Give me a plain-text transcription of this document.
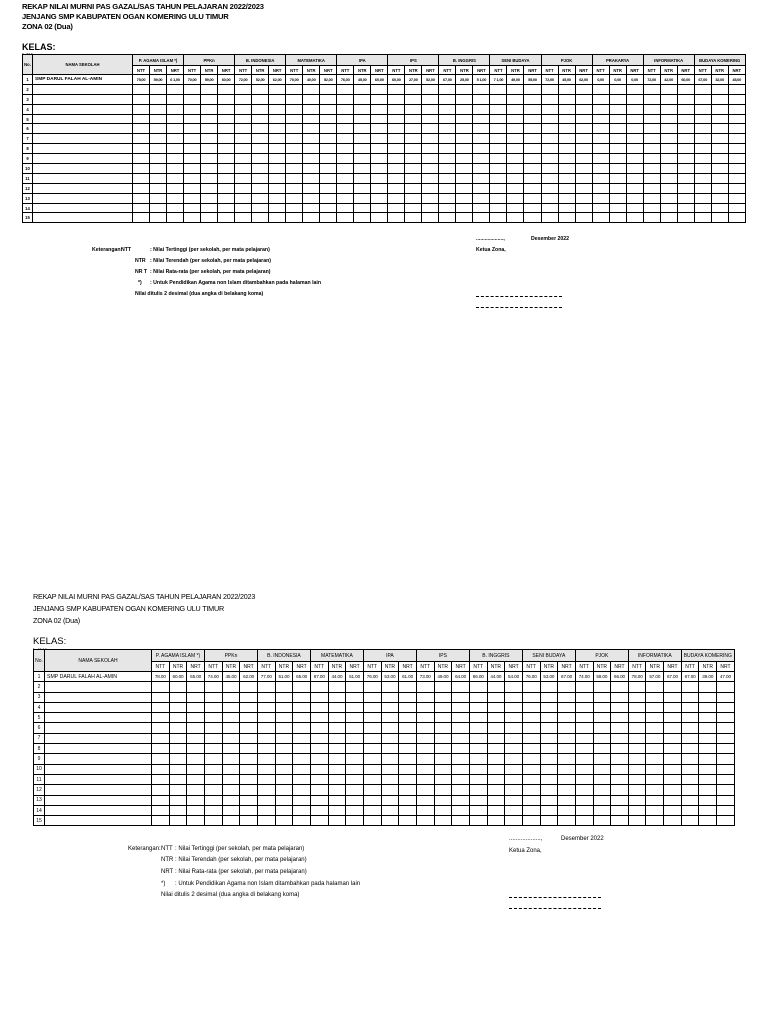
REKAP NILAI MURNI PAS GAZAL/SAS TAHUN PELAJARAN 2022/2023
JENJANG SMP KABUPATEN OGAN KOMERING ULU TIMUR
ZONA 02 (Dua)
KELAS:
No.	NAMA SEKOLAH	P. AGAMA ISLAM *)			PPKn			B. INDONESIA			MATEMATIKA			IPA			IPS			B. INGGRIS			SENI BUDAYA			PJOK			PRAKARYA			INFORMATIKA			BUDAYA KOMERING		
		NTT	NTR	NRT	NTT	NTR	NRT	NTT	NTR	NRT	NTT	NTR	NRT	NTT	NTR	NRT	NTT	NTR	NRT	NTT	NTR	NRT	NTT	NTR	NRT	NTT	NTR	NRT	NTT	NTR	NRT	NTT	NTR	NRT	NTT	NTR	NRT
1	SMP DARUL FALAH AL-AMIN	75,00	59,00	6 1,00	70,00	59,00	60,00	72,00	52,00	62,00	70,00	40,00	52,00	76,00	45,00	60,00	60,00	27,00	52,00	67,00	25,00	5 1,00	7 1,00	49,00	55,00	72,00	45,00	62,00	0,00	0,00	0,00	72,00	42,00	60,00	67,00	32,00	45,00
2																																					
3																																					
4																																					
5																																					
6																																					
7																																					
8																																					
9																																					
10																																					
11																																					
12																																					
13																																					
14																																					
15																																					
Keterangan:
NTT	: Nilai Tertinggi (per sekolah, per mata pelajaran)
NTR : Nilai Terendah (per sekolah, per mata pelajaran)
NR T : Nilai Rata-rata (per sekolah, per mata pelajaran)
*) : Untuk Pendidikan Agama non Islam ditambahkan pada halaman lain
Nilai ditulis 2 desimal (dua angka di belakang koma)
...................,	Desember 2022
Ketua Zona,
REKAP NILAI MURNI PAS GAZAL/SAS TAHUN PELAJARAN 2022/2023
JENJANG SMP KABUPATEN OGAN KOMERING ULU TIMUR
ZONA 02 (Dua)
KELAS:
No.	NAMA SEKOLAH	P. AGAMA ISLAM *)			PPKn			B. INDONESIA			MATEMATIKA			IPA			IPS			B. INGGRIS			SENI BUDAYA			PJOK			INFORMATIKA			BUDAYA KOMERING		
		NTT	NTR	NRT	NTT	NTR	NRT	NTT	NTR	NRT	NTT	NTR	NRT	NTT	NTR	NRT	NTT	NTR	NRT	NTT	NTR	NRT	NTT	NTR	NRT	NTT	NTR	NRT	NTT	NTR	NRT	NTT	NTR	NRT
1	SMP DARUL FALAH AL-AMIN	78.00	60.00	65.00	74.00	45.00	62.00	77.00	51.00	65.00	67.00	44.00	51.00	76.00	53.00	61.00	73.00	49.00	64.00	66.00	44.00	54.00	76.00	53.00	67.00	74.00	59.00	66.00	78.00	57.00	67.00	67.00	39.00	47.00
2																																		
3																																		
4																																		
5																																		
6																																		
7																																		
8																																		
9																																		
10																																		
11																																		
12																																		
13																																		
14																																		
15																																		
Keterangan: NTT : Nilai Tertinggi (per sekolah, per mata pelajaran)
NTR : Nilai Terendah (per sekolah, per mata pelajaran)
NRT : Nilai Rata-rata (per sekolah, per mata pelajaran)
*) : Untuk Pendidikan Agama non Islam ditambahkan pada halaman lain
Nilai ditulis 2 desimal (dua angka di belakang koma)
...................,	Desember 2022
Ketua Zona,
